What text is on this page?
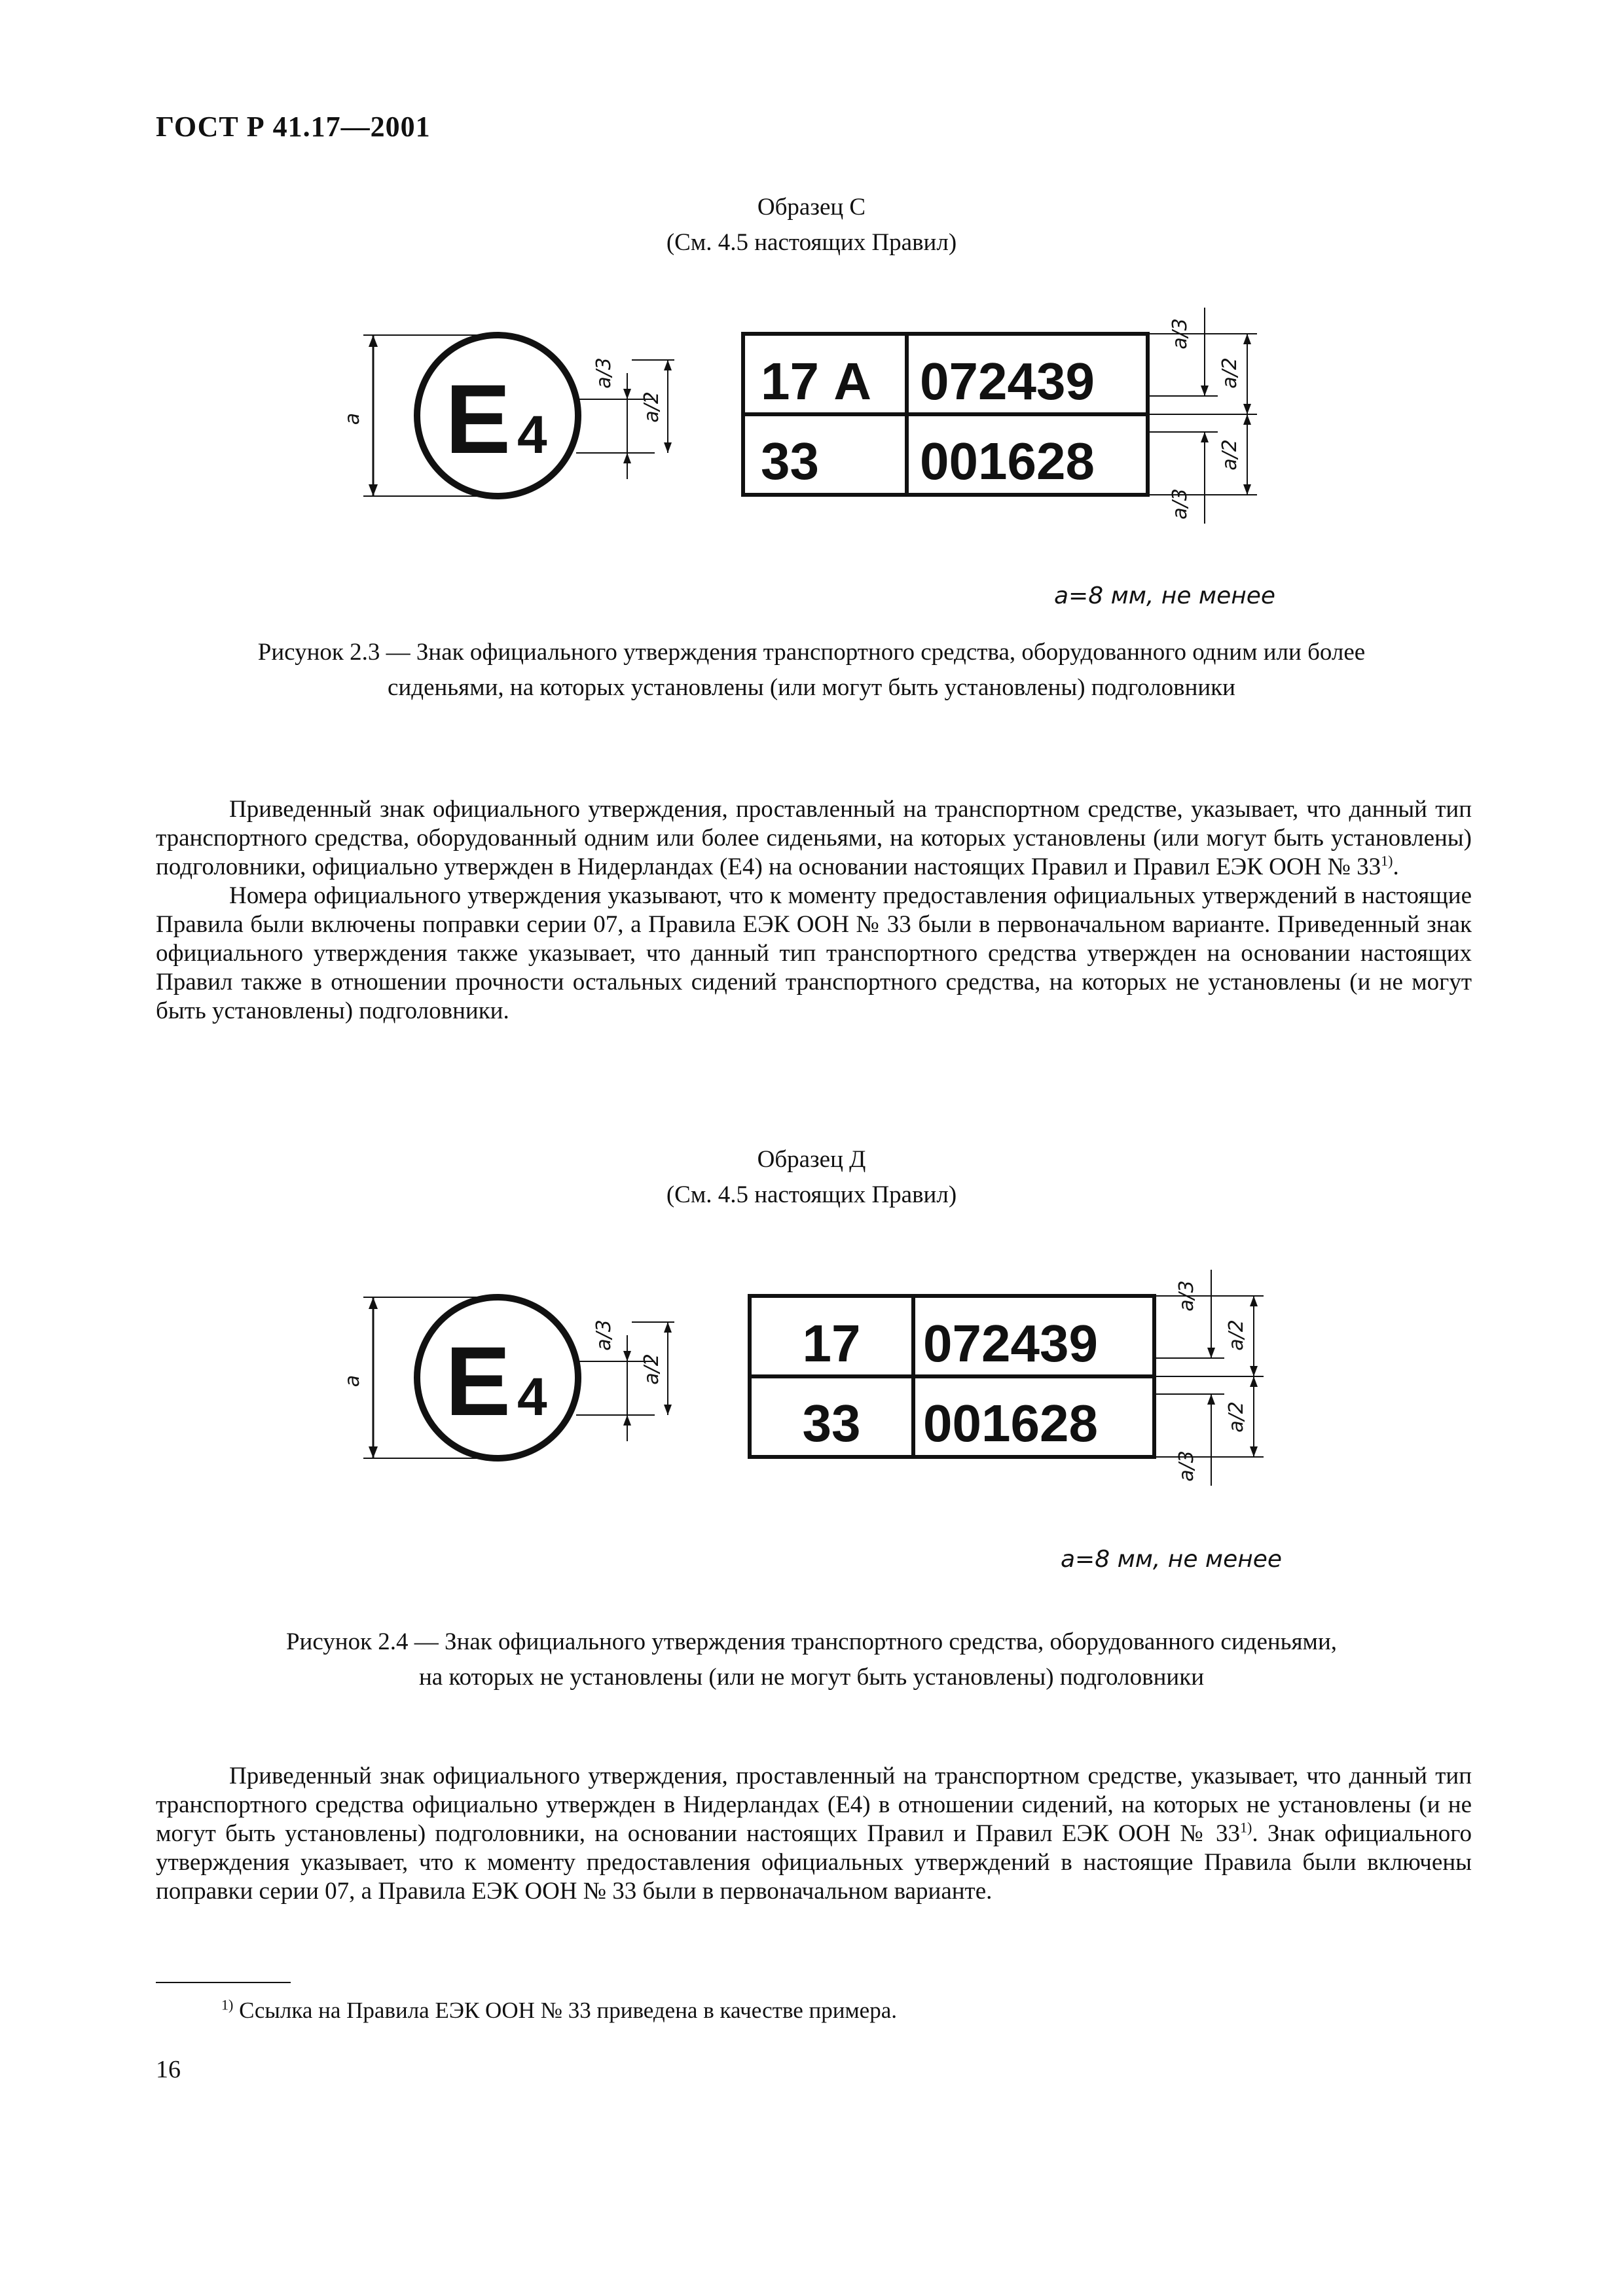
ГОСТ Р 41.17—2001
Образец С
(См. 4.5 настоящих Правил)
a E 4
a/3
a/2 17 А 072439
33 001628
a/3
a/3
a/2
a/2
a=8 мм, не менее
Рисунок 2.3 — Знак официального утверждения транспортного средства, оборудованного одним или более
сиденьями, на которых установлены (или могут быть установлены) подголовники

Приведенный знак официального утверждения, проставленный на транспортном средстве, указывает, что данный тип транспортного средства, оборудованный одним или более сиденьями, на которых установлены (или могут быть установлены) подголовники, официально утвержден в Нидерландах (Е4) на основании настоящих Правил и Правил ЕЭК ООН № 33$^{1)}$.

Номера официального утверждения указывают, что к моменту предоставления официальных утверждений в настоящие Правила были включены поправки серии 07, а Правила ЕЭК ООН № 33 были в первоначальном варианте. Приведенный знак официального утверждения также указывает, что данный тип транспортного средства утвержден на основании настоящих Правил также в отношении прочности остальных сидений транспортного средства, на которых не установлены (и не могут быть установлены) подголовники.

Образец Д
(См. 4.5 настоящих Правил)
a E 4
a/3
a/2	17 072439
33 001628
a/3
a/3
a/2
a/2
a=8 мм, не менее
Рисунок 2.4 — Знак официального утверждения транспортного средства, оборудованного сиденьями,
на которых не установлены (или не могут быть установлены) подголовники

Приведенный знак официального утверждения, проставленный на транспортном средстве, указывает, что данный тип транспортного средства официально утвержден в Нидерландах (Е4) в отношении сидений, на которых не установлены (и не могут быть установлены) подголовники, на основании настоящих Правил и Правил ЕЭК ООН № 33$^{1)}$. Знак официального утверждения указывает, что к моменту предоставления официальных утверждений в настоящие Правила были включены поправки серии 07, а Правила ЕЭК ООН № 33 были в первоначальном варианте.

$^{1)}$ Ссылка на Правила ЕЭК ООН № 33 приведена в качестве примера.
16
